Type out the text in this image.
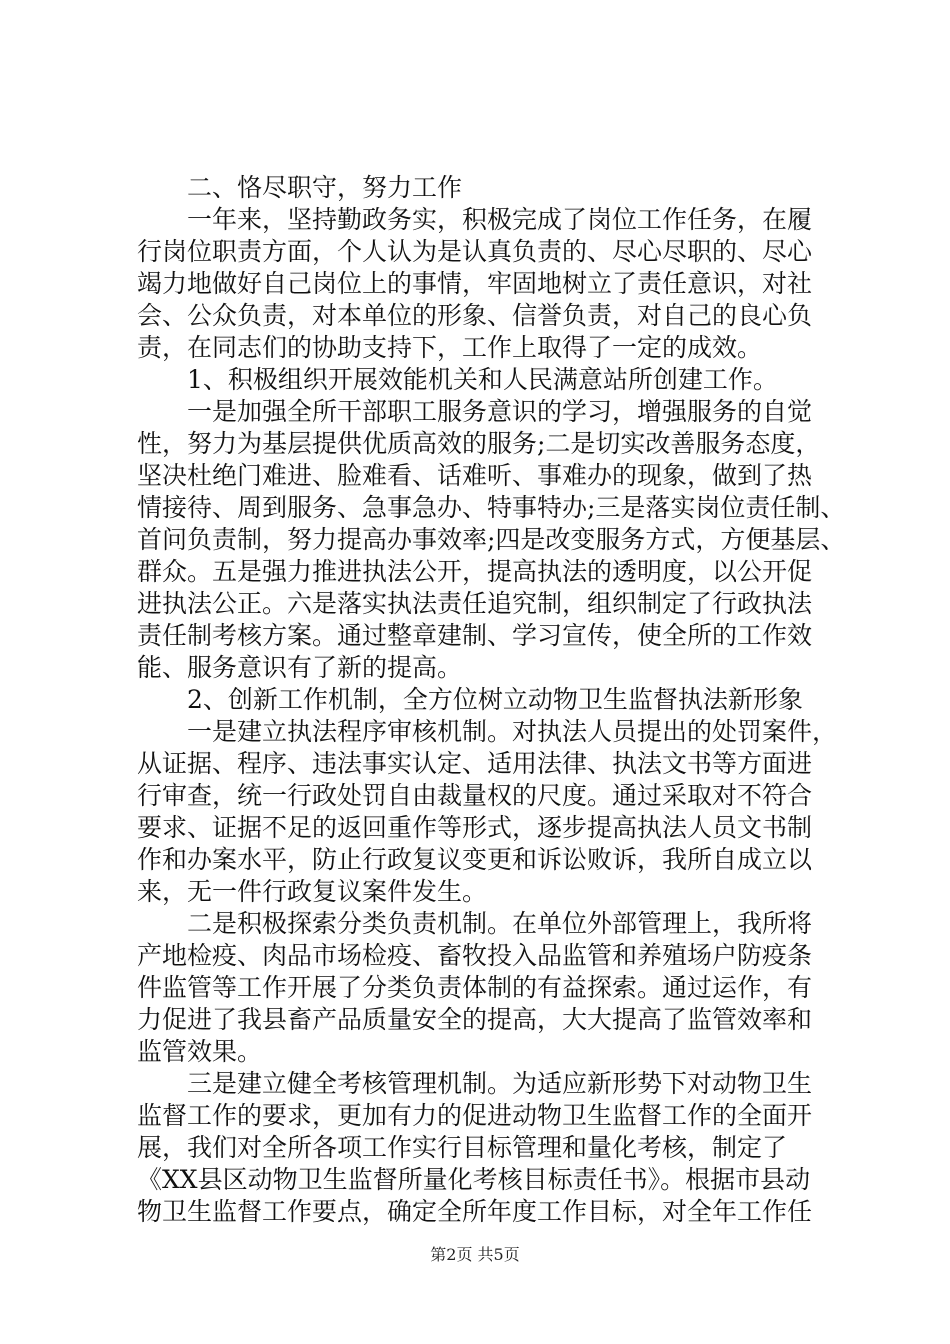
二、恪尽职守，努力工作
一年来，坚持勤政务实，积极完成了岗位工作任务，在履
行岗位职责方面，个人认为是认真负责的、尽心尽职的、尽心
竭力地做好自己岗位上的事情，牢固地树立了责任意识，对社
会、公众负责，对本单位的形象、信誉负责，对自己的良心负
责，在同志们的协助支持下，工作上取得了一定的成效。
1、积极组织开展效能机关和人民满意站所创建工作。
一是加强全所干部职工服务意识的学习，增强服务的自觉
性，努力为基层提供优质高效的服务;二是切实改善服务态度，
坚决杜绝门难进、脸难看、话难听、事难办的现象，做到了热
情接待、周到服务、急事急办、特事特办;三是落实岗位责任制、
首问负责制，努力提高办事效率;四是改变服务方式，方便基层、
群众。五是强力推进执法公开，提高执法的透明度，以公开促
进执法公正。六是落实执法责任追究制，组织制定了行政执法
责任制考核方案。通过整章建制、学习宣传，使全所的工作效
能、服务意识有了新的提高。
2、创新工作机制，全方位树立动物卫生监督执法新形象
一是建立执法程序审核机制。对执法人员提出的处罚案件，
从证据、程序、违法事实认定、适用法律、执法文书等方面进
行审查，统一行政处罚自由裁量权的尺度。通过采取对不符合
要求、证据不足的返回重作等形式，逐步提高执法人员文书制
作和办案水平，防止行政复议变更和诉讼败诉，我所自成立以
来，无一件行政复议案件发生。
二是积极探索分类负责机制。在单位外部管理上，我所将
产地检疫、肉品市场检疫、畜牧投入品监管和养殖场户防疫条
件监管等工作开展了分类负责体制的有益探索。通过运作，有
力促进了我县畜产品质量安全的提高，大大提高了监管效率和
监管效果。
三是建立健全考核管理机制。为适应新形势下对动物卫生
监督工作的要求，更加有力的促进动物卫生监督工作的全面开
展，我们对全所各项工作实行目标管理和量化考核，制定了
《XX县区动物卫生监督所量化考核目标责任书》。根据市县动
物卫生监督工作要点，确定全所年度工作目标，对全年工作任
第2页 共5页
